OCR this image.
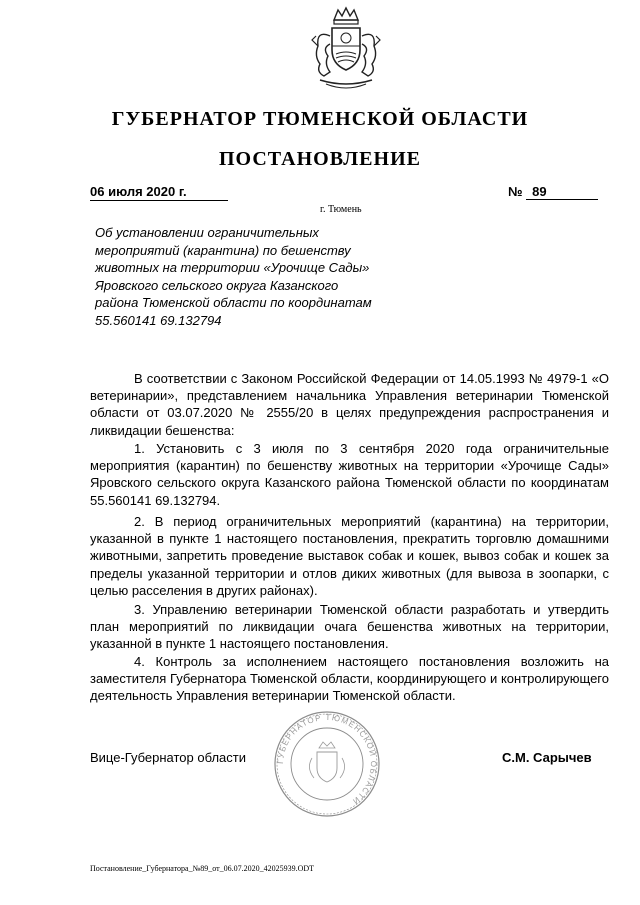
ГУБЕРНАТОР ТЮМЕНСКОЙ ОБЛАСТИ
ПОСТАНОВЛЕНИЕ
06 июля 2020 г.
г. Тюмень
№ 89
Об установлении ограничительных
мероприятий (карантина) по бешенству
животных на территории «Урочище Сады»
Яровского сельского округа Казанского
района Тюменской области по координатам
55.560141 69.132794
В соответствии с Законом Российской Федерации от 14.05.1993 № 4979-1 «О ветеринарии», представлением начальника Управления ветеринарии Тюменской области от 03.07.2020 № 2555/20 в целях предупреждения распространения и ликвидации бешенства:
1. Установить с 3 июля по 3 сентября 2020 года ограничительные мероприятия (карантин) по бешенству животных на территории «Урочище Сады» Яровского сельского округа Казанского района Тюменской области по координатам 55.560141 69.132794.
2. В период ограничительных мероприятий (карантина) на территории, указанной в пункте 1 настоящего постановления, прекратить торговлю домашними животными, запретить проведение выставок собак и кошек, вывоз собак и кошек за пределы указанной территории и отлов диких животных (для вывоза в зоопарки, с целью расселения в других районах).
3. Управлению ветеринарии Тюменской области разработать и утвердить план мероприятий по ликвидации очага бешенства животных на территории, указанной в пункте 1 настоящего постановления.
4. Контроль за исполнением настоящего постановления возложить на заместителя Губернатора Тюменской области, координирующего и контролирующего деятельность Управления ветеринарии Тюменской области.
ГУБЕРНАТОР ТЮМЕНСКОЙ ОБЛАСТИ
Вице-Губернатор области	С.М. Сарычев
Постановление_Губернатора_№89_от_06.07.2020_42025939.ODT
